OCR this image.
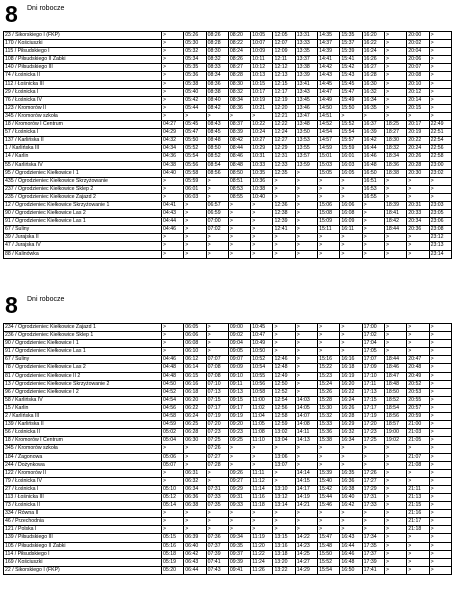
8 Dni robocze
23 / Sikorskiego I (FKP)	>	05:26	08:26	08:20	10:05	12:05	13:31	14:35	15:35	16:20	>	20:00	>
170 / Kościuszki	>	05:30	08:28	08:22	10:07	12:07	13:33	14:37	15:37	16:22	>	20:02	>
115 / Piłsudskiego I	>	05:32	08:30	08:24	10:09	12:09	13:35	14:39	15:39	16:24	>	20:04	>
108 / Piłsudskiego II Żabki	>	05:34	08:32	08:26	10:11	12:11	13:37	14:41	15:41	16:26	>	20:06	>
140 / Piłsudskiego III	>	05:35	08:33	08:27	10:12	12:12	13:38	14:42	15:42	16:27	>	20:07	>
74 / Łośnicka II	>	05:36	08:34	08:28	10:13	12:13	13:39	14:43	15:43	16:28	>	20:08	>
112 / Łośnicka III	>	05:38	08:36	08:30	10:15	12:15	13:41	14:45	15:45	16:30	>	20:10	>
29 / Łośnicka I	>	05:40	08:38	08:32	10:17	12:17	13:43	14:47	15:47	16:32	>	20:12	>
76 / Łośnicka IV	>	05:42	08:40	08:34	10:19	12:19	13:45	14:49	15:49	16:34	>	20:14	>
123 / Kromorów II	>	05:44	08:42	08:36	10:21	12:20	13:46	14:50	15:50	16:35	>	20:15	>
345 / Kromorów szkoła	>	>	>	>	>	12:21	13:47	14:51	>	>	>	>	>
18 / Kromorów I Centrum	04:27	05:45	08:43	08:37	10:22	12:22	13:48	14:52	15:52	16:37	18:25	20:17	22:49
57 / Łośnicka I	04:29	05:47	08:45	08:39	10:24	12:24	13:50	14:54	15:54	16:39	18:27	20:19	22:51
137 / Karlińska II	04:32	05:50	08:48	08:42	10:27	12:27	13:53	14:57	15:57	16:42	18:30	20:22	22:54
1 / Karlińska III	04:34	05:52	08:50	08:44	10:29	12:29	13:55	14:59	15:59	16:44	18:32	20:24	22:56
14 / Karlin	04:36	05:54	08:52	08:46	10:31	12:31	13:57	15:01	16:01	16:46	18:34	20:26	22:58
55 / Karlińska IV	04:38	05:56	08:54	08:48	10:33	12:33	13:59	15:03	16:03	16:48	18:36	20:28	23:00
95 / Ogrodzieniec Kiełkowice I 1	04:40	05:58	08:56	08:50	10:35	12:35	>	15:05	16:05	16:50	18:38	20:30	23:02
435 / Ogrodzieniec Kiełkowice Skrzyżowanie	>	05:59	>	08:51	10:36	>	>	>	>	16:51	>	>	>
237 / Ogrodzieniec Kiełkowice Sklep 2	>	06:01	>	08:53	10:38	>	>	>	>	16:53	>	>	>
235 / Ogrodzieniec Kiełkowice Zajazd 2	>	06:03	>	08:55	10:40	>	>	>	>	16:55	>	>	>
12 / Ogrodzieniec Kiełkowice Skrzyżowanie 1	04:41	>	06:57	>	>	12:36	>	15:06	16:06	>	18:39	20:31	23:03
90 / Ogrodzieniec Kiełkowice Las 2	04:43	>	06:59	>	>	12:38	>	15:08	16:08	>	18:41	20:33	23:05
91 / Ogrodzieniec Kiełkowice Las 1	04:44	>	07:00	>	>	12:39	>	15:09	16:09	>	18:42	20:34	23:06
67 / Suliny	04:46	>	07:02	>	>	12:41	>	15:11	16:11	>	18:44	20:36	23:08
39 / Jurajska II	>	>	>	>	>	>	>	>	>	>	>	>	23:12
47 / Jurajska IV	>	>	>	>	>	>	>	>	>	>	>	>	23:13
88 / Kalinówka	>	>	>	>	>	>	>	>	>	>	>	>	23:14
8 Dni robocze
234 / Ogrodzieniec Kiełkowice Zajazd 1	>	06:05	>	09:00	10:45	>	>	>	>	17:00	>	>	>
236 / Ogrodzieniec Kiełkowice Sklep 1	>	06:06	>	09:02	10:47	>	>	>	>	17:02	>	>	>
90 / Ogrodzieniec Kiełkowice I 1	>	06:08	>	09:04	10:49	>	>	>	>	17:04	>	>	>
91 / Ogrodzieniec Kiełkowice Las 1	>	06:10	>	09:05	10:50	>	>	>	>	17:05	>	>	>
67 / Suliny	04:46	06:12	07:07	09:07	10:52	12:46	>	15:16	16:16	17:07	18:44	20:47	>
78 / Ogrodzieniec Kiełkowice Las 2	04:48	06:14	07:08	09:09	10:54	12:48	>	15:22	16:18	17:09	18:46	20:48	>
81 / Ogrodzieniec Kiełkowice II 2	04:48	06:15	07:08	09:10	10:55	12:49	>	15:23	16:19	17:10	18:47	20:49	>
13 / Ogrodzieniec Kiełkowice Skrzyżowanie 2	04:50	06:16	07:10	09:11	10:56	12:50	>	15:24	16:20	17:11	18:48	20:52	>
96 / Ogrodzieniec Kiełkowice I 2	04:52	06:18	07:13	09:13	10:58	12:52	>	15:26	16:22	17:13	18:50	20:53	>
58 / Karlińska IV	04:54	06:20	07:15	09:15	11:00	12:54	14:03	15:28	16:24	17:15	18:52	20:55	>
15 / Karlin	04:56	06:22	07:17	09:17	11:02	12:56	14:05	15:30	16:26	17:17	18:54	20:57	>
2 / Karlińska III	04:58	06:24	07:19	09:19	11:04	12:58	14:07	15:32	16:28	17:19	18:56	20:59	>
139 / Karlińska II	04:59	06:25	07:20	09:20	11:05	12:59	14:08	15:33	16:29	17:20	18:57	21:00	>
56 / Łośnicka II	05:02	06:28	07:23	09:23	11:08	13:02	14:11	15:36	16:32	17:23	19:00	21:03	>
18 / Kromorów I Centrum	05:04	06:30	07:25	09:25	11:10	13:04	14:13	15:38	16:34	17:25	19:02	21:05	>
345 / Kromorów szkoła	>	>	07:26	>	>	>	>	>	>	>	>	>	>
184 / Zagonowa	05:06	>	07:27	>	>	13:06	>	>	>	>	>	21:07	>
244 / Dożynkowa	05:07	>	07:28	>	>	13:07	>	>	>	>	>	21:08	>
122 / Kromorów II	>	06:31	>	09:26	11:11	>	14:14	15:39	16:35	17:26	>	>	>
79 / Łośnicka IV	>	06:32	>	09:27	11:12	>	14:15	15:40	16:36	17:27	>	>	>
27 / Łośnicka I	05:10	06:34	07:31	09:29	11:14	13:10	14:17	15:42	16:38	17:29	>	21:11	>
113 / Łośnicka III	05:12	06:36	07:33	09:31	11:16	13:12	14:19	15:44	16:40	17:31	>	21:13	>
73 / Łośnicka II	05:14	06:38	07:35	09:33	11:18	13:14	14:21	15:46	16:42	17:33	>	21:15	>
334 / Równa II	>	>	>	>	>	>	>	>	>	>	>	21:16	>
46 / Przechodnia	>	>	>	>	>	>	>	>	>	>	>	21:17	>
121 / Polska I	>	>	>	>	>	>	>	>	>	>	>	21:18	>
139 / Piłsudskiego III	05:15	06:39	07:36	09:34	11:19	13:15	14:22	15:47	16:43	17:34	>	>	>
105 / Piłsudskiego II Żabki	05:16	06:40	07:37	09:35	11:20	13:16	14:23	15:48	16:44	17:35	>	>	>
114 / Piłsudskiego I	05:18	06:42	07:39	09:37	11:22	13:18	14:25	15:50	16:46	17:37	>	>	>
169 / Kościuszki	05:19	06:43	07:41	09:39	11:24	13:20	14:27	15:52	16:48	17:39	>	>	>
22 / Sikorskiego I (FKP)	05:20	06:44	07:43	09:41	11:26	13:22	14:29	15:54	16:50	17:41	>	>	>
